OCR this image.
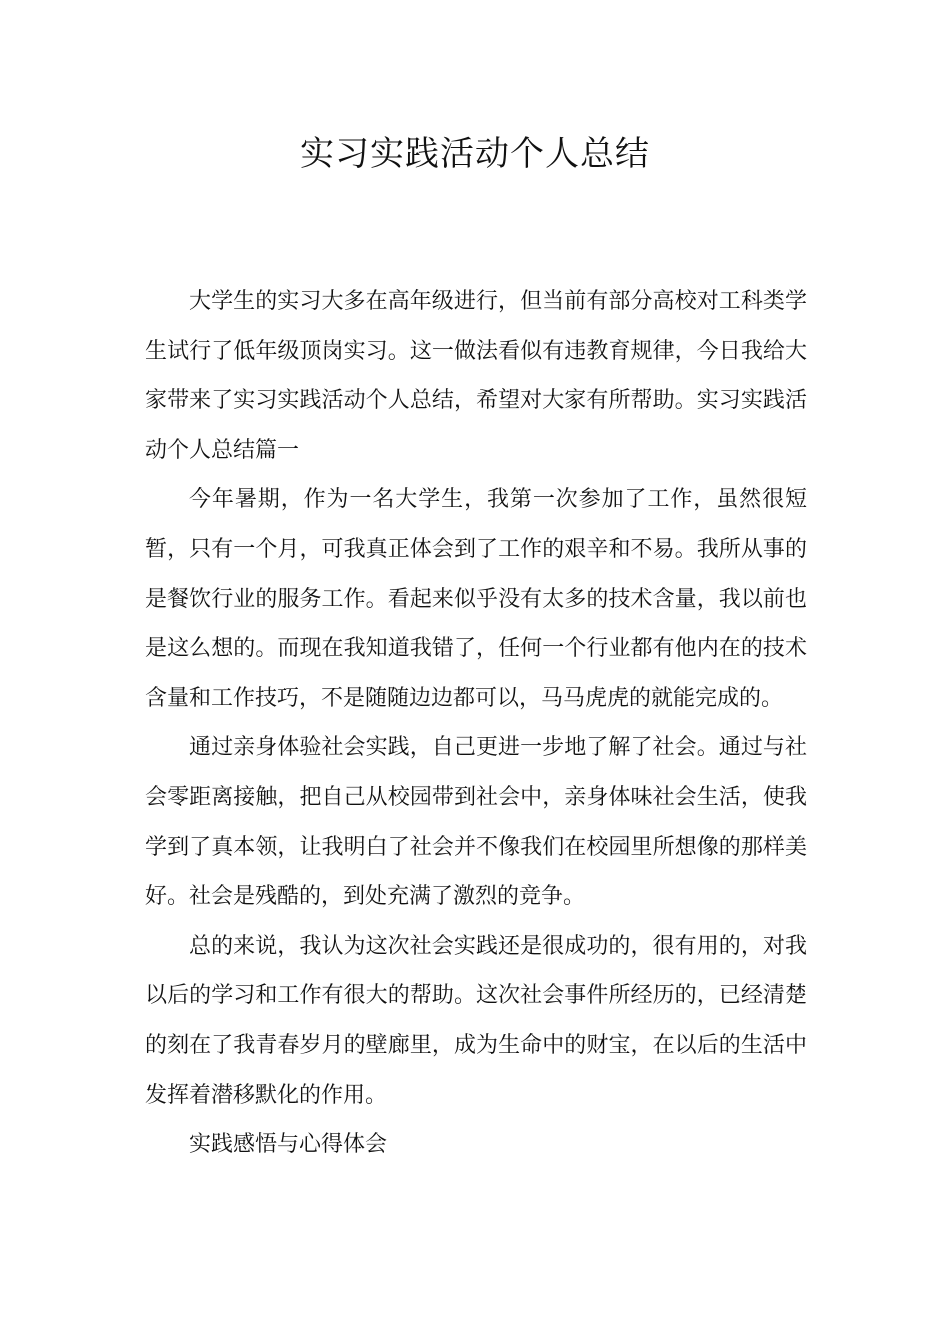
实习实践活动个人总结

大学生的实习大多在高年级进行，但当前有部分高校对工科类学生试行了低年级顶岗实习。这一做法看似有违教育规律，今日我给大家带来了实习实践活动个人总结，希望对大家有所帮助。实习实践活动个人总结篇一

今年暑期，作为一名大学生，我第一次参加了工作，虽然很短暂，只有一个月，可我真正体会到了工作的艰辛和不易。我所从事的是餐饮行业的服务工作。看起来似乎没有太多的技术含量，我以前也是这么想的。而现在我知道我错了，任何一个行业都有他内在的技术含量和工作技巧，不是随随边边都可以，马马虎虎的就能完成的。

通过亲身体验社会实践，自己更进一步地了解了社会。通过与社会零距离接触，把自己从校园带到社会中，亲身体味社会生活，使我学到了真本领，让我明白了社会并不像我们在校园里所想像的那样美好。社会是残酷的，到处充满了激烈的竞争。

总的来说，我认为这次社会实践还是很成功的，很有用的，对我以后的学习和工作有很大的帮助。这次社会事件所经历的，已经清楚的刻在了我青春岁月的壁廊里，成为生命中的财宝，在以后的生活中发挥着潜移默化的作用。

实践感悟与心得体会
